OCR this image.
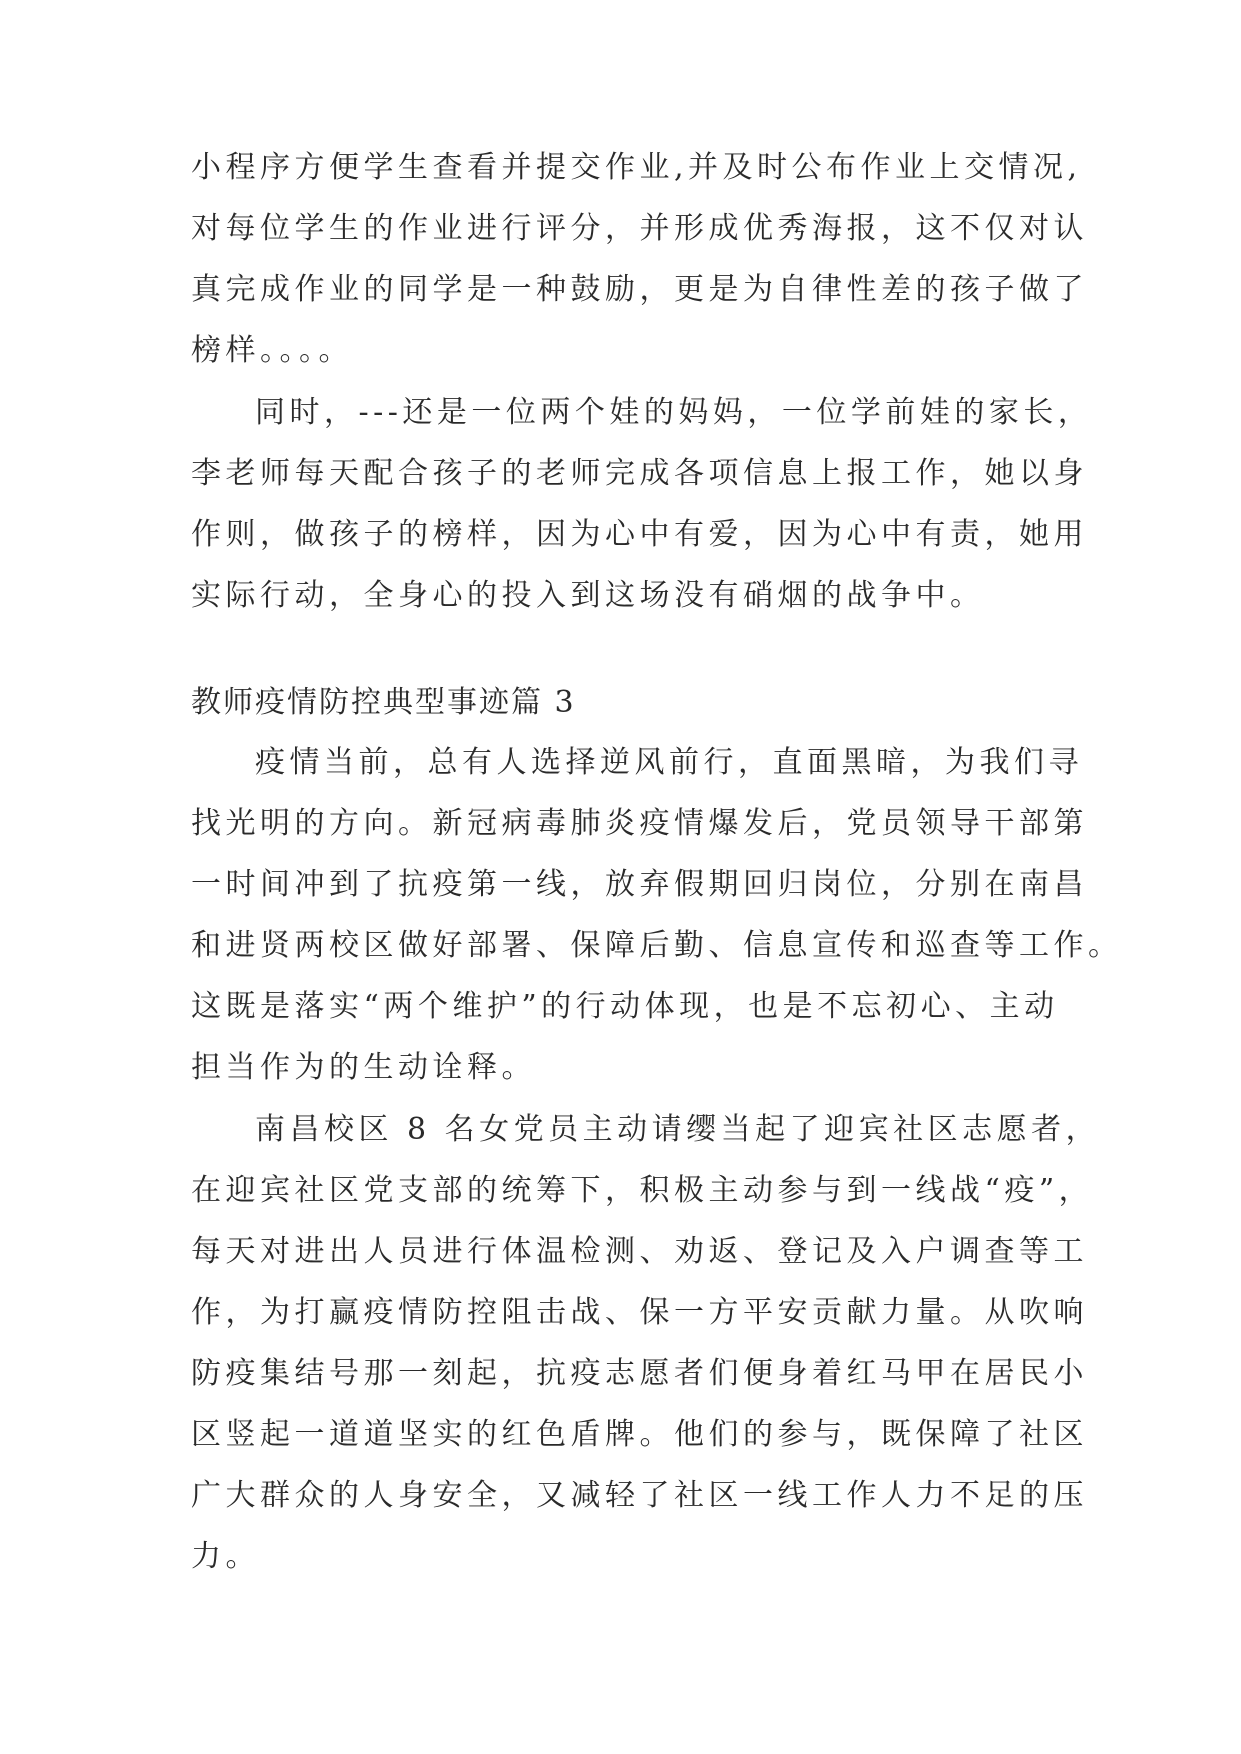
小程序方便学生查看并提交作业,并及时公布作业上交情况,
对每位学生的作业进行评分，并形成优秀海报，这不仅对认
真完成作业的同学是一种鼓励，更是为自律性差的孩子做了
榜样。。。。
同时，---还是一位两个娃的妈妈，一位学前娃的家长，
李老师每天配合孩子的老师完成各项信息上报工作，她以身
作则，做孩子的榜样，因为心中有爱，因为心中有责，她用
实际行动，全身心的投入到这场没有硝烟的战争中。
教师疫情防控典型事迹篇 3
疫情当前，总有人选择逆风前行，直面黑暗，为我们寻
找光明的方向。新冠病毒肺炎疫情爆发后，党员领导干部第
一时间冲到了抗疫第一线，放弃假期回归岗位，分别在南昌
和进贤两校区做好部署、保障后勤、信息宣传和巡查等工作。
这既是落实“两个维护”的行动体现，也是不忘初心、主动
担当作为的生动诠释。
南昌校区 8 名女党员主动请缨当起了迎宾社区志愿者，
在迎宾社区党支部的统筹下，积极主动参与到一线战“疫”，
每天对进出人员进行体温检测、劝返、登记及入户调查等工
作，为打赢疫情防控阻击战、保一方平安贡献力量。从吹响
防疫集结号那一刻起，抗疫志愿者们便身着红马甲在居民小
区竖起一道道坚实的红色盾牌。他们的参与，既保障了社区
广大群众的人身安全，又减轻了社区一线工作人力不足的压
力。
